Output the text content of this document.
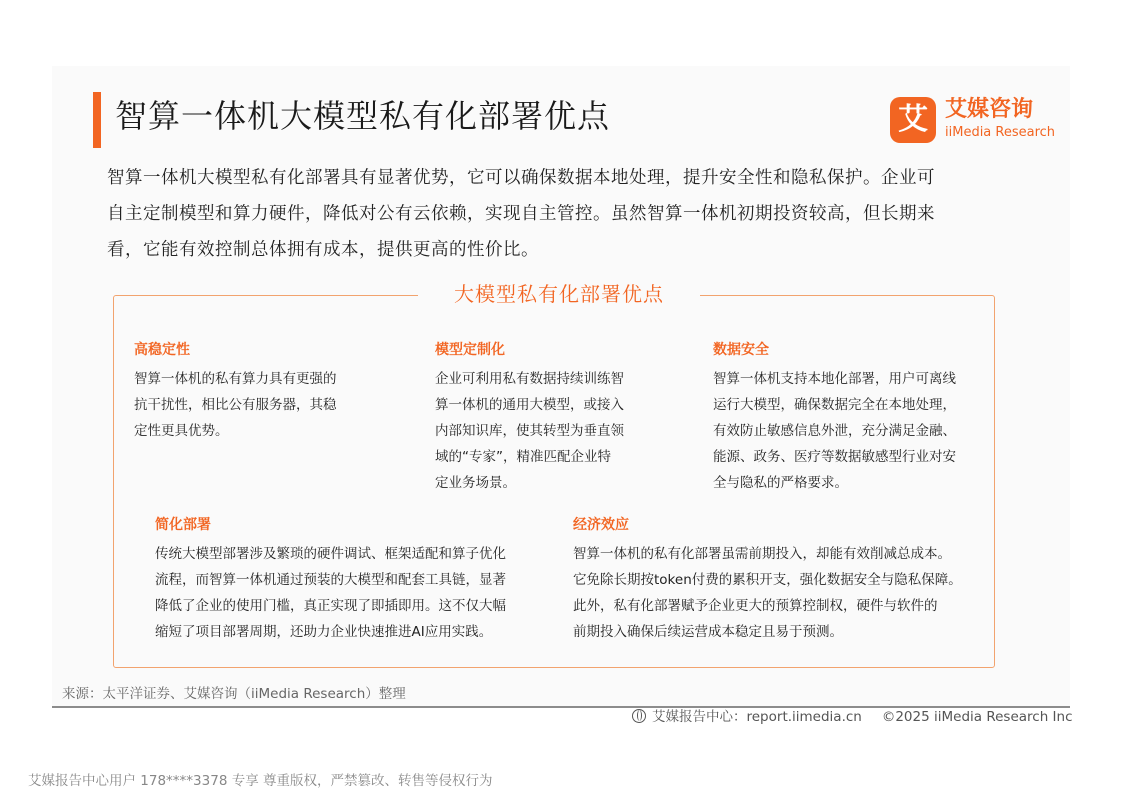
智算一体机大模型私有化部署优点	艾 艾媒咨询
iiMedia Research

智算一体机大模型私有化部署具有显著优势，它可以确保数据本地处理，提升安全性和隐私保护。企业可

自主定制模型和算力硬件，降低对公有云依赖，实现自主管控。虽然智算一体机初期投资较高，但长期来

看，它能有效控制总体拥有成本，提供更高的性价比。

大模型私有化部署优点
高稳定性

智算一体机的私有算力具有更强的

抗干扰性，相比公有服务器，其稳

定性更具优势。

模型定制化

企业可利用私有数据持续训练智

算一体机的通用大模型，或接入

内部知识库，使其转型为垂直领

域的“专家”，精准匹配企业特

定业务场景。

数据安全

智算一体机支持本地化部署，用户可离线

运行大模型，确保数据完全在本地处理，

有效防止敏感信息外泄，充分满足金融、

能源、政务、医疗等数据敏感型行业对安

全与隐私的严格要求。

简化部署

传统大模型部署涉及繁琐的硬件调试、框架适配和算子优化

流程，而智算一体机通过预装的大模型和配套工具链，显著

降低了企业的使用门槛，真正实现了即插即用。这不仅大幅

缩短了项目部署周期，还助力企业快速推进AI应用实践。

经济效应

智算一体机的私有化部署虽需前期投入，却能有效削减总成本。

它免除长期按token付费的累积开支，强化数据安全与隐私保障。

此外，私有化部署赋予企业更大的预算控制权，硬件与软件的

前期投入确保后续运营成本稳定且易于预测。

来源：太平洋证券、艾媒咨询（iiMedia Research）整理
艾媒报告中心：report.iimedia.cn ©2025 iiMedia Research Inc
艾媒报告中心用户 178****3378 专享 尊重版权，严禁篡改、转售等侵权行为
